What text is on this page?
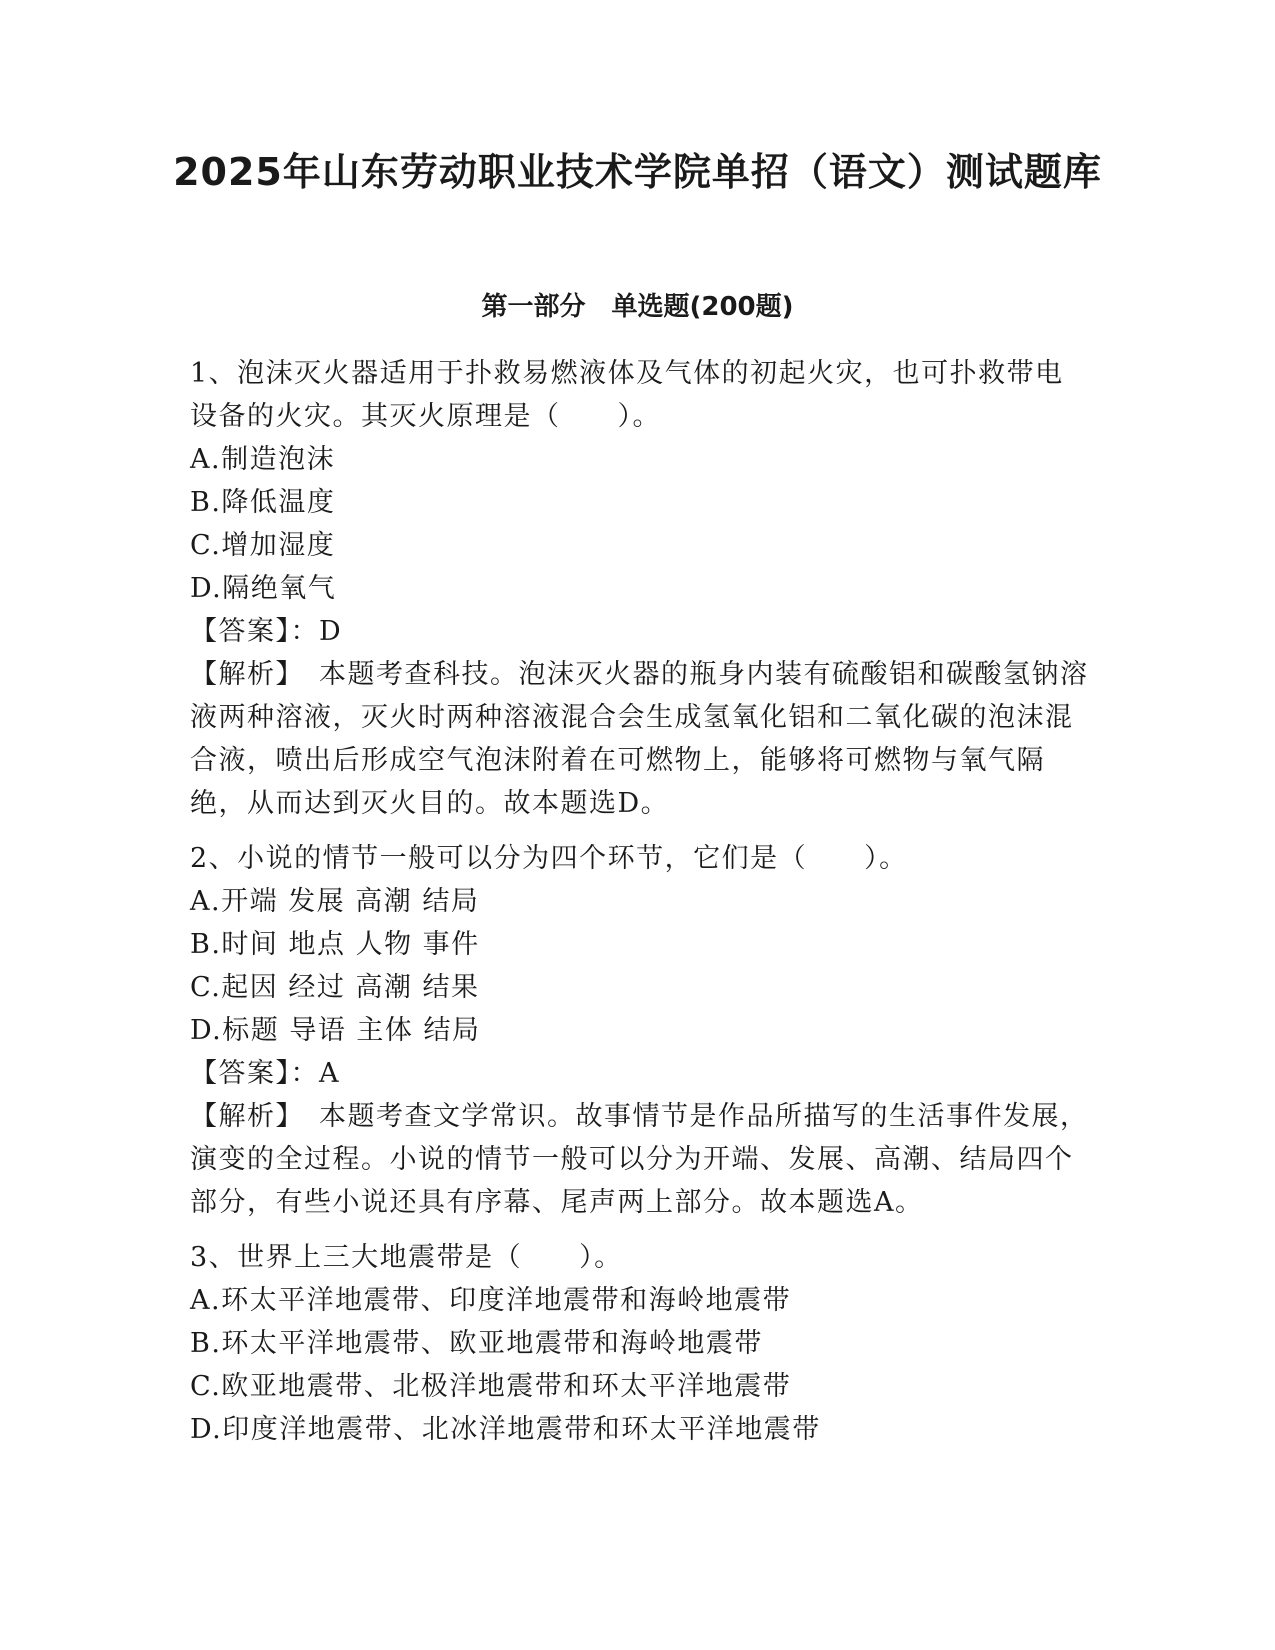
2025年山东劳动职业技术学院单招（语文）测试题库
第一部分　单选题(200题)

1、泡沫灭火器适用于扑救易燃液体及气体的初起火灾，也可扑救带电设备的火灾。其灭火原理是（　　）。

A.制造泡沫

B.降低温度

C.增加湿度

D.隔绝氧气

【答案】：D

【解析】　本题考查科技。泡沫灭火器的瓶身内装有硫酸铝和碳酸氢钠溶液两种溶液，灭火时两种溶液混合会生成氢氧化铝和二氧化碳的泡沫混合液，喷出后形成空气泡沫附着在可燃物上，能够将可燃物与氧气隔绝，从而达到灭火目的。故本题选D。

2、小说的情节一般可以分为四个环节，它们是（　　）。

A.开端 发展 高潮 结局

B.时间 地点 人物 事件

C.起因 经过 高潮 结果

D.标题 导语 主体 结局

【答案】：A

【解析】　本题考查文学常识。故事情节是作品所描写的生活事件发展，演变的全过程。小说的情节一般可以分为开端、发展、高潮、结局四个部分，有些小说还具有序幕、尾声两上部分。故本题选A。

3、世界上三大地震带是（　　）。

A.环太平洋地震带、印度洋地震带和海岭地震带

B.环太平洋地震带、欧亚地震带和海岭地震带

C.欧亚地震带、北极洋地震带和环太平洋地震带

D.印度洋地震带、北冰洋地震带和环太平洋地震带
